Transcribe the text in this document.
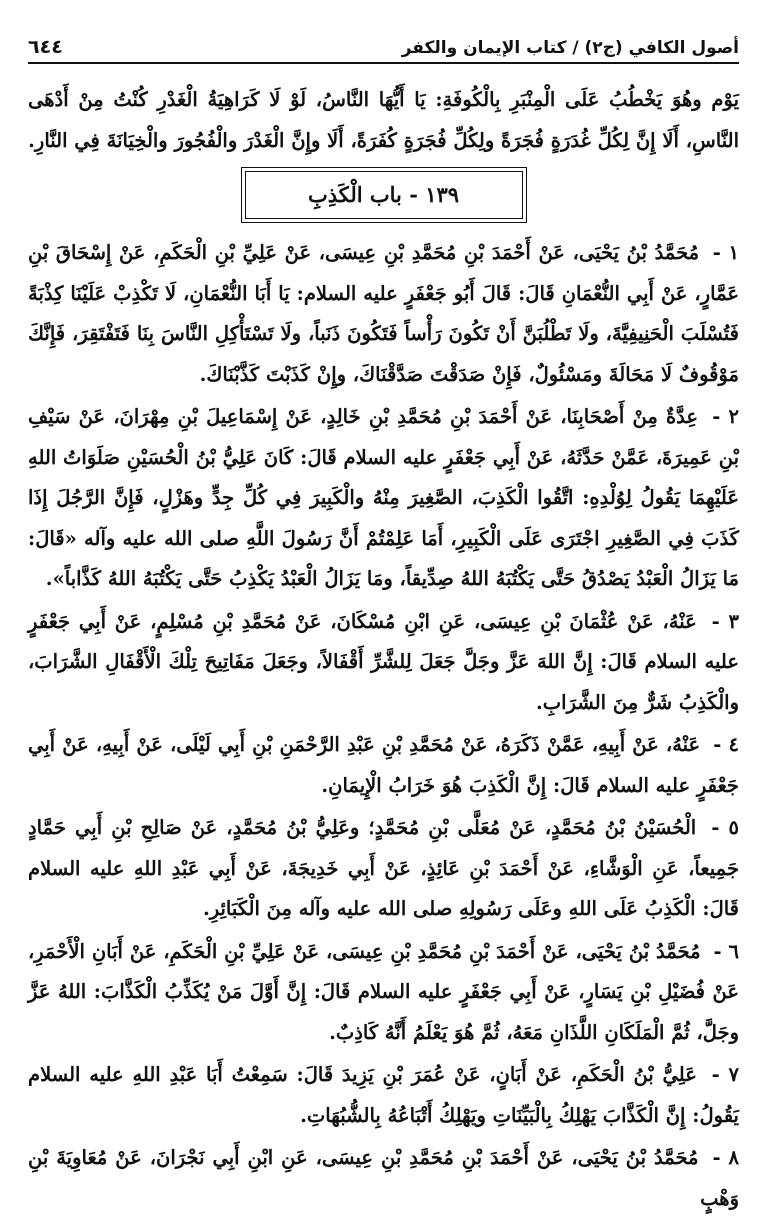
أصول الكافي (ج٢) / كتاب الإيمان والكفر
٦٤٤

يَوْم وهُوَ يَخْطُبُ عَلَى الْمِنْبَرِ بِالْكُوفَةِ: يَا أَيُّهَا النَّاسُ، لَوْ لَا كَرَاهِيَةُ الْغَدْرِ كُنْتُ مِنْ أَدْهَى النَّاسِ، أَلَا إِنَّ لِكُلِّ غُدَرَةٍ فُجَرَةً ولِكُلِّ فُجَرَةٍ كُفَرَةً، أَلَا وإِنَّ الْغَدْرَ والْفُجُورَ والْخِيَانَةَ فِي النَّارِ.

١٣٩ - باب الْكَذِبِ

١ - مُحَمَّدُ بْنُ يَحْيَى، عَنْ أَحْمَدَ بْنِ مُحَمَّدِ بْنِ عِيسَى، عَنْ عَلِيِّ بْنِ الْحَكَمِ، عَنْ إِسْحَاقَ بْنِ عَمَّارٍ، عَنْ أَبِي النُّعْمَانِ قَالَ: قَالَ أَبُو جَعْفَرٍ عليه السلام: يَا أَبَا النُّعْمَانِ، لَا تَكْذِبْ عَلَيْنَا كِذْبَةً فَتُسْلَبَ الْحَنِيفِيَّةَ، ولَا تَطْلُبَنَّ أَنْ تَكُونَ رَأْساً فَتَكُونَ ذَنَباً، ولَا تَسْتَأْكِلِ النَّاسَ بِنَا فَتَفْتَقِرَ، فَإِنَّكَ مَوْقُوفٌ لَا مَحَالَةَ ومَسْئُولٌ، فَإِنْ صَدَقْتَ صَدَّقْنَاكَ، وإِنْ كَذَبْتَ كَذَّبْنَاكَ.

٢ - عِدَّةٌ مِنْ أَصْحَابِنَا، عَنْ أَحْمَدَ بْنِ مُحَمَّدِ بْنِ خَالِدٍ، عَنْ إِسْمَاعِيلَ بْنِ مِهْرَانَ، عَنْ سَيْفِ بْنِ عَمِيرَةَ، عَمَّنْ حَدَّثَهُ، عَنْ أَبِي جَعْفَرٍ عليه السلام قَالَ: كَانَ عَلِيُّ بْنُ الْحُسَيْنِ صَلَوَاتُ اللهِ عَلَيْهِمَا يَقُولُ لِوُلْدِهِ: اتَّقُوا الْكَذِبَ، الصَّغِيرَ مِنْهُ والْكَبِيرَ فِي كُلِّ جِدٍّ وهَزْلٍ، فَإِنَّ الرَّجُلَ إِذَا كَذَبَ فِي الصَّغِيرِ اجْتَرَى عَلَى الْكَبِيرِ، أَمَا عَلِمْتُمْ أَنَّ رَسُولَ اللَّهِ صلى الله عليه وآله «قَالَ: مَا يَزَالُ الْعَبْدُ يَصْدُقُ حَتَّى يَكْتُبَهُ اللهُ صِدِّيقاً، ومَا يَزَالُ الْعَبْدُ يَكْذِبُ حَتَّى يَكْتُبَهُ اللهُ كَذَّاباً».

٣ - عَنْهُ، عَنْ عُثْمَانَ بْنِ عِيسَى، عَنِ ابْنِ مُسْكَانَ، عَنْ مُحَمَّدِ بْنِ مُسْلِمٍ، عَنْ أَبِي جَعْفَرٍ عليه السلام قَالَ: إِنَّ اللهَ عَزَّ وجَلَّ جَعَلَ لِلشَّرِّ أَقْفَالاً، وجَعَلَ مَفَاتِيحَ تِلْكَ الْأَقْفَالِ الشَّرَابَ، والْكَذِبُ شَرٌّ مِنَ الشَّرَابِ.

٤ - عَنْهُ، عَنْ أَبِيهِ، عَمَّنْ ذَكَرَهُ، عَنْ مُحَمَّدِ بْنِ عَبْدِ الرَّحْمَنِ بْنِ أَبِي لَيْلَى، عَنْ أَبِيهِ، عَنْ أَبِي جَعْفَرٍ عليه السلام قَالَ: إِنَّ الْكَذِبَ هُوَ خَرَابُ الْإِيمَانِ.

٥ - الْحُسَيْنُ بْنُ مُحَمَّدٍ، عَنْ مُعَلَّى بْنِ مُحَمَّدٍ؛ وعَلِيُّ بْنُ مُحَمَّدٍ، عَنْ صَالِحِ بْنِ أَبِي حَمَّادٍ جَمِيعاً، عَنِ الْوَشَّاءِ، عَنْ أَحْمَدَ بْنِ عَائِذٍ، عَنْ أَبِي خَدِيجَةَ، عَنْ أَبِي عَبْدِ اللهِ عليه السلام قَالَ: الْكَذِبُ عَلَى اللهِ وعَلَى رَسُولِهِ صلى الله عليه وآله مِنَ الْكَبَائِرِ.

٦ - مُحَمَّدُ بْنُ يَحْيَى، عَنْ أَحْمَدَ بْنِ مُحَمَّدِ بْنِ عِيسَى، عَنْ عَلِيِّ بْنِ الْحَكَمِ، عَنْ أَبَانِ الْأَحْمَرِ، عَنْ فُضَيْلِ بْنِ يَسَارٍ، عَنْ أَبِي جَعْفَرٍ عليه السلام قَالَ: إِنَّ أَوَّلَ مَنْ يُكَذِّبُ الْكَذَّابَ: اللهُ عَزَّ وجَلَّ، ثُمَّ الْمَلَكَانِ اللَّذَانِ مَعَهُ، ثُمَّ هُوَ يَعْلَمُ أَنَّهُ كَاذِبٌ.

٧ - عَلِيُّ بْنُ الْحَكَمِ، عَنْ أَبَانٍ، عَنْ عُمَرَ بْنِ يَزِيدَ قَالَ: سَمِعْتُ أَبَا عَبْدِ اللهِ عليه السلام يَقُولُ: إِنَّ الْكَذَّابَ يَهْلِكُ بِالْبَيِّنَاتِ ويَهْلِكُ أَتْبَاعُهُ بِالشُّبُهَاتِ.

٨ - مُحَمَّدُ بْنُ يَحْيَى، عَنْ أَحْمَدَ بْنِ مُحَمَّدِ بْنِ عِيسَى، عَنِ ابْنِ أَبِي نَجْرَانَ، عَنْ مُعَاوِيَةَ بْنِ وَهْبٍ
